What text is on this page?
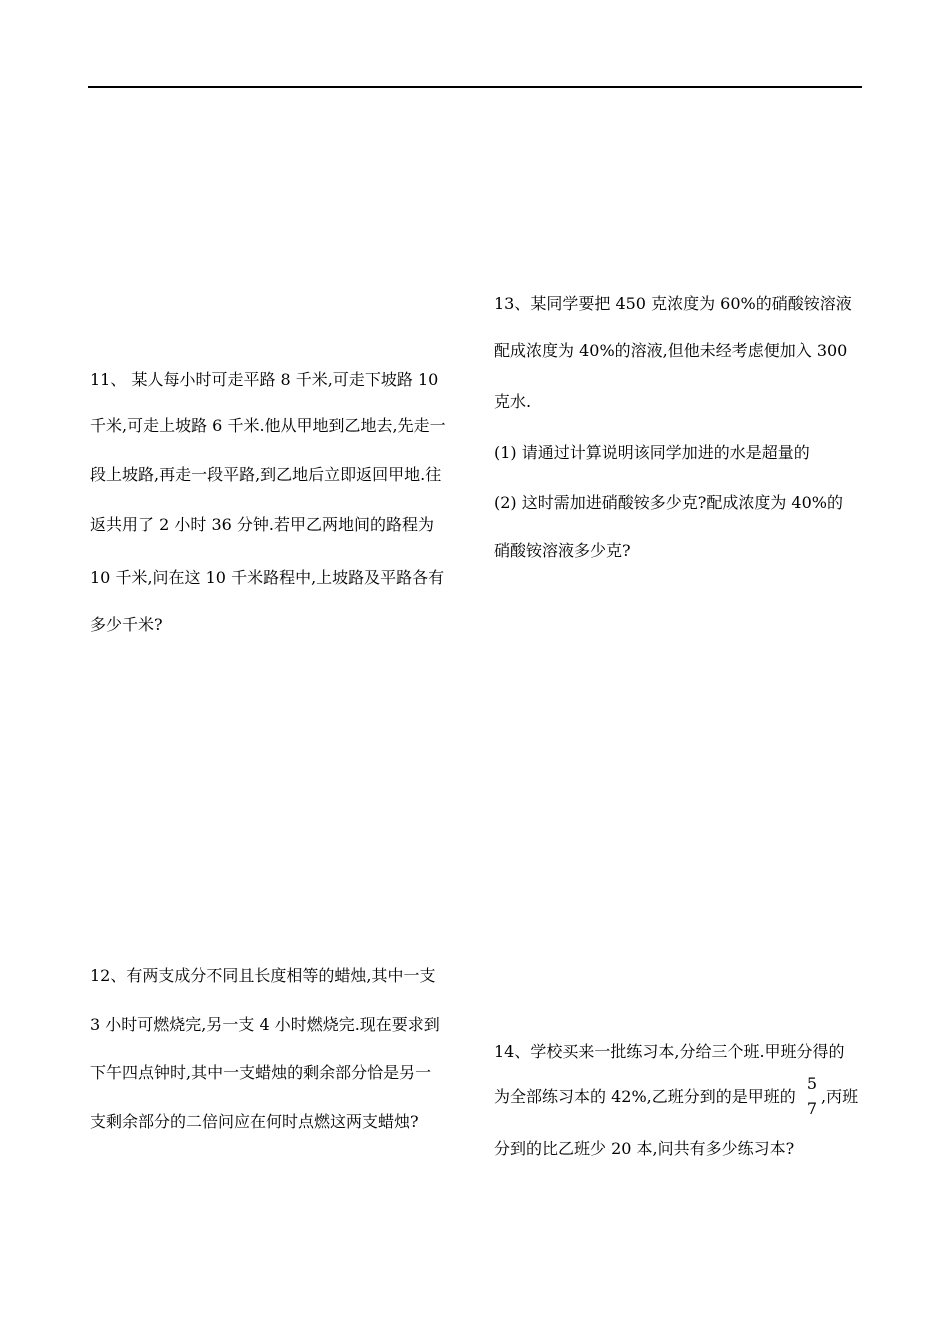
11、 某人每小时可走平路 8 千米,可走下坡路 10
千米,可走上坡路 6 千米.他从甲地到乙地去,先走一
段上坡路,再走一段平路,到乙地后立即返回甲地.往
返共用了 2 小时 36 分钟.若甲乙两地间的路程为
10 千米,问在这 10 千米路程中,上坡路及平路各有
多少千米?
12、有两支成分不同且长度相等的蜡烛,其中一支
3 小时可燃烧完,另一支 4 小时燃烧完.现在要求到
下午四点钟时,其中一支蜡烛的剩余部分恰是另一
支剩余部分的二倍问应在何时点燃这两支蜡烛?
13、某同学要把 450 克浓度为 60%的硝酸铵溶液
配成浓度为 40%的溶液,但他未经考虑便加入 300
克水.
(1) 请通过计算说明该同学加进的水是超量的
(2) 这时需加进硝酸铵多少克?配成浓度为 40%的
硝酸铵溶液多少克?
14、学校买来一批练习本,分给三个班.甲班分得的
为全部练习本的 42%,乙班分到的是甲班的
5
7
,丙班
分到的比乙班少 20 本,问共有多少练习本?
